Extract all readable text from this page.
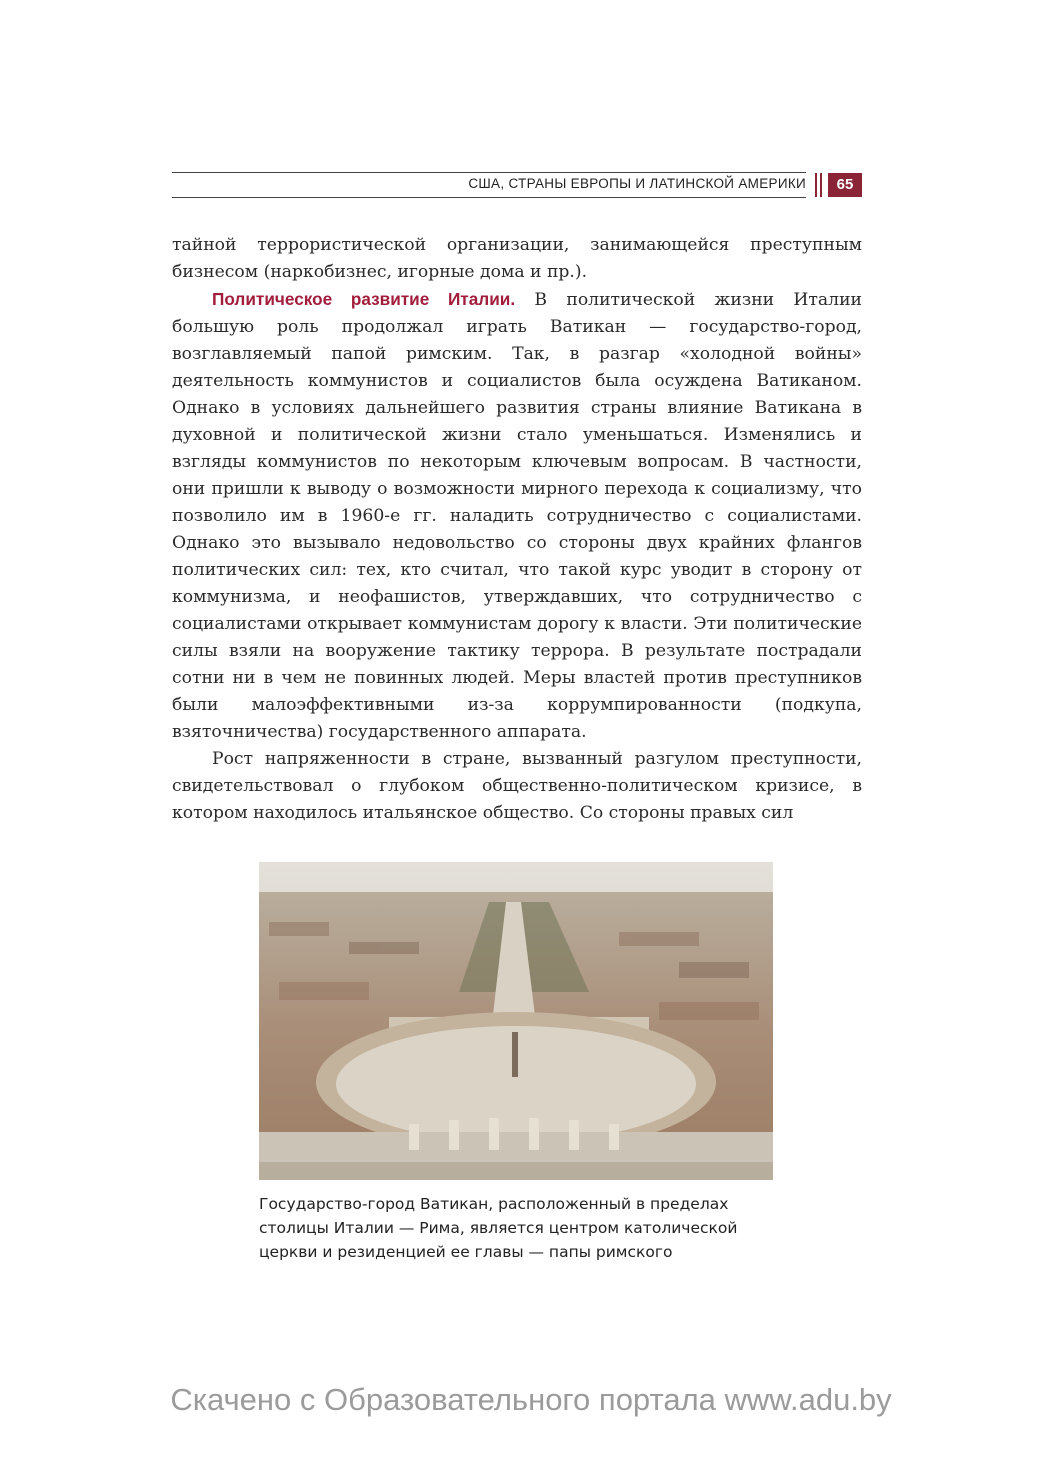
США, СТРАНЫ ЕВРОПЫ И ЛАТИНСКОЙ АМЕРИКИ	65

тайной террористической организации, занимающейся преступным бизнесом (наркобизнес, игорные дома и пр.).

Политическое развитие Италии. В политической жизни Италии большую роль продолжал играть Ватикан — государство-город, возглавляемый папой римским. Так, в разгар «холодной войны» деятельность коммунистов и социалистов была осуждена Ватиканом. Однако в условиях дальнейшего развития страны влияние Ватикана в духовной и политической жизни стало уменьшаться. Изменялись и взгляды коммунистов по некоторым ключевым вопросам. В частности, они пришли к выводу о возможности мирного перехода к социализму, что позволило им в 1960-е гг. наладить сотрудничество с социалистами. Однако это вызывало недовольство со стороны двух крайних флангов политических сил: тех, кто считал, что такой курс уводит в сторону от коммунизма, и неофашистов, утверждавших, что сотрудничество с социалистами открывает коммунистам дорогу к власти. Эти политические силы взяли на вооружение тактику террора. В результате пострадали сотни ни в чем не повинных людей. Меры властей против преступников были малоэффективными из-за коррумпированности (подкупа, взяточничества) государственного аппарата.

Рост напряженности в стране, вызванный разгулом преступности, свидетельствовал о глубоком общественно-политическом кризисе, в котором находилось итальянское общество. Со стороны правых сил

Государство-город Ватикан, расположенный в пределах столицы Италии — Рима, является центром католической церкви и резиденцией ее главы — папы римского
Скачено с Образовательного портала www.adu.by
